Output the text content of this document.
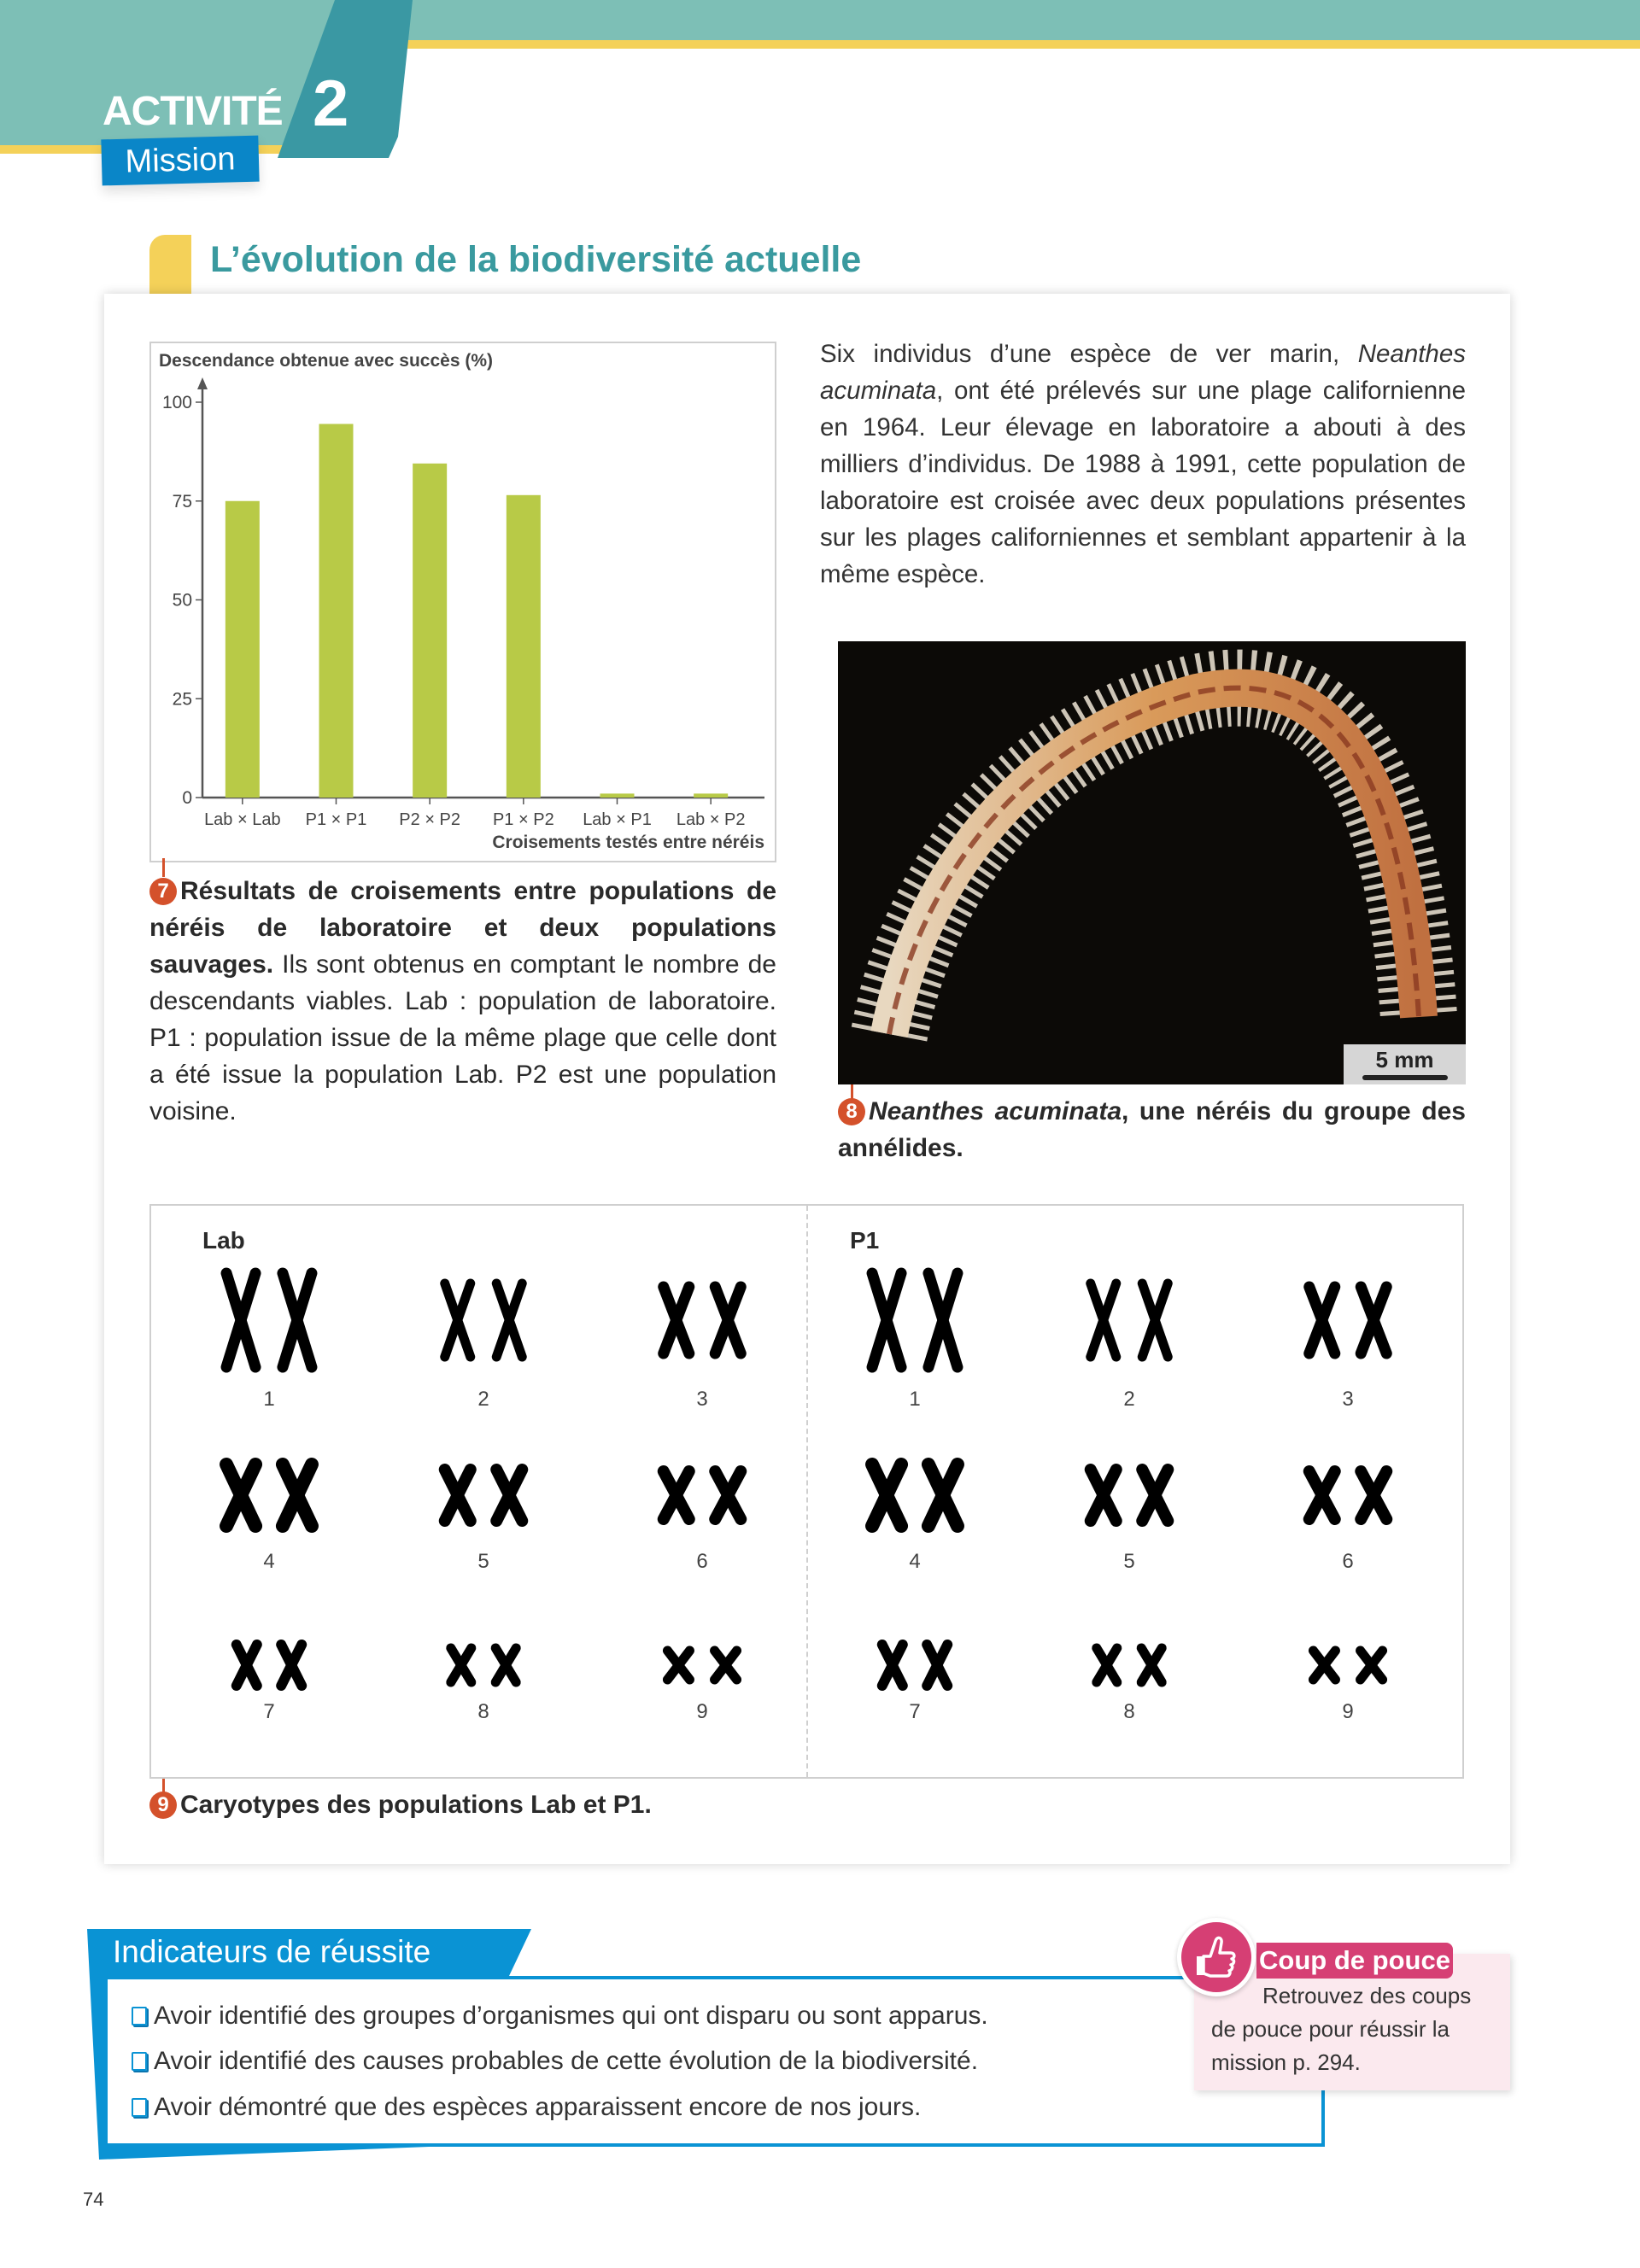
ACTIVITÉ 2
Mission
L’évolution de la biodiversité actuelle
Descendance obtenue avec succès (%)
0
25
50
75
100
Lab × Lab P1 × P1 P2 × P2 P1 × P2 Lab × P1 Lab × P2
Croisements testés entre néréis
7 Résultats de croisements entre populations de néréis de laboratoire et deux populations sauvages. Ils sont obtenus en comptant le nombre de descendants viables. Lab : population de laboratoire. P1 : population issue de la même plage que celle dont a été issue la population Lab. P2 est une population voisine.
Six individus d’une espèce de ver marin, Neanthes acuminata, ont été prélevés sur une plage californienne en 1964. Leur élevage en laboratoire a abouti à des milliers d’individus. De 1988 à 1991, cette population de laboratoire est croisée avec deux populations présentes sur les plages californiennes et semblant appartenir à la même espèce.
5 mm
8 Neanthes acuminata, une néréis du groupe des annélides.
Lab	P1
1	2	3
4	5	6
7	8	9
1	2	3
4	5	6
7	8	9
9 Caryotypes des populations Lab et P1.
Indicateurs de réussite
Avoir identifié des groupes d’organismes qui ont disparu ou sont apparus.
Avoir identifié des causes probables de cette évolution de la biodiversité.
Avoir démontré que des espèces apparaissent encore de nos jours.
Coup de pouce
Retrouvez des coups de pouce pour réussir la mission p. 294.
74
